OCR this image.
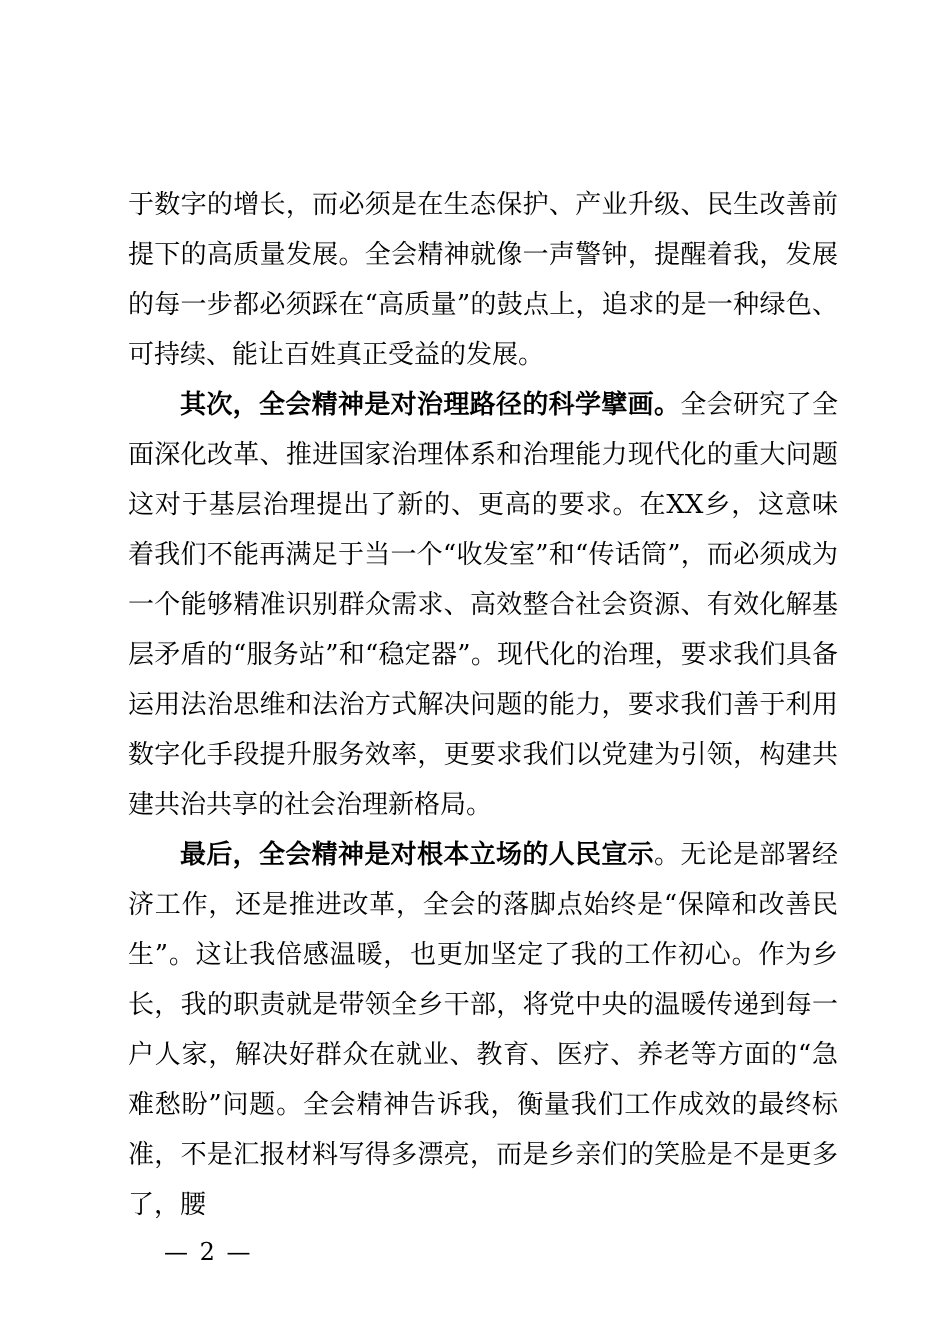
于数字的增长，而必须是在生态保护、产业升级、民生改善前提下的高质量发展。全会精神就像一声警钟，提醒着我，发展的每一步都必须踩在“高质量”的鼓点上，追求的是一种绿色、可持续、能让百姓真正受益的发展。

其次，全会精神是对治理路径的科学擘画。全会研究了全面深化改革、推进国家治理体系和治理能力现代化的重大问题这对于基层治理提出了新的、更高的要求。在XX乡，这意味着我们不能再满足于当一个“收发室”和“传话筒”，而必须成为一个能够精准识别群众需求、高效整合社会资源、有效化解基层矛盾的“服务站”和“稳定器”。现代化的治理，要求我们具备运用法治思维和法治方式解决问题的能力，要求我们善于利用数字化手段提升服务效率，更要求我们以党建为引领，构建共建共治共享的社会治理新格局。

最后，全会精神是对根本立场的人民宣示。无论是部署经济工作，还是推进改革，全会的落脚点始终是“保障和改善民生”。这让我倍感温暖，也更加坚定了我的工作初心。作为乡长，我的职责就是带领全乡干部，将党中央的温暖传递到每一户人家，解决好群众在就业、教育、医疗、养老等方面的“急难愁盼”问题。全会精神告诉我，衡量我们工作成效的最终标准，不是汇报材料写得多漂亮，而是乡亲们的笑脸是不是更多了，腰

— 2 —
